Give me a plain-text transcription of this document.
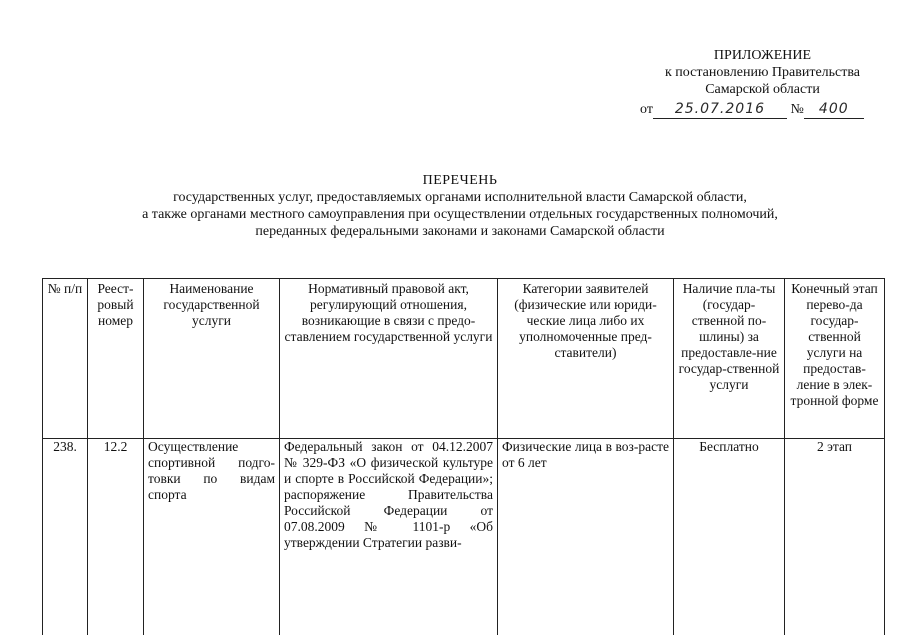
ПРИЛОЖЕНИЕ
к постановлению Правительства
Самарской области
от 25.07.2016 № 400
ПЕРЕЧЕНЬ
государственных услуг, предоставляемых органами исполнительной власти Самарской области,
а также органами местного самоуправления при осуществлении отдельных государственных полномочий,
переданных федеральными законами и законами Самарской области
№ п/п	Реест-ровый номер	Наименование государственной услуги	Нормативный правовой акт, регулирующий отношения, возникающие в связи с предо-ставлением государственной услуги	Категории заявителей (физические или юриди-ческие лица либо их уполномоченные пред-ставители)	Наличие пла-ты (государ-ственной по-шлины) за предоставле-ние государ-ственной услуги	Конечный этап перево-да государ-ственной услуги на предостав-ление в элек-тронной форме
238.	12.2	Осуществление спортивной подго-товки по видам спорта	Федеральный закон от 04.12.2007 № 329-ФЗ «О физической культуре и спорте в Российской Федерации»; распоряжение Правительства Российской Федерации от 07.08.2009 № 1101-р «Об утверждении Стратегии разви-	Физические лица в воз-расте от 6 лет	Бесплатно	2 этап
